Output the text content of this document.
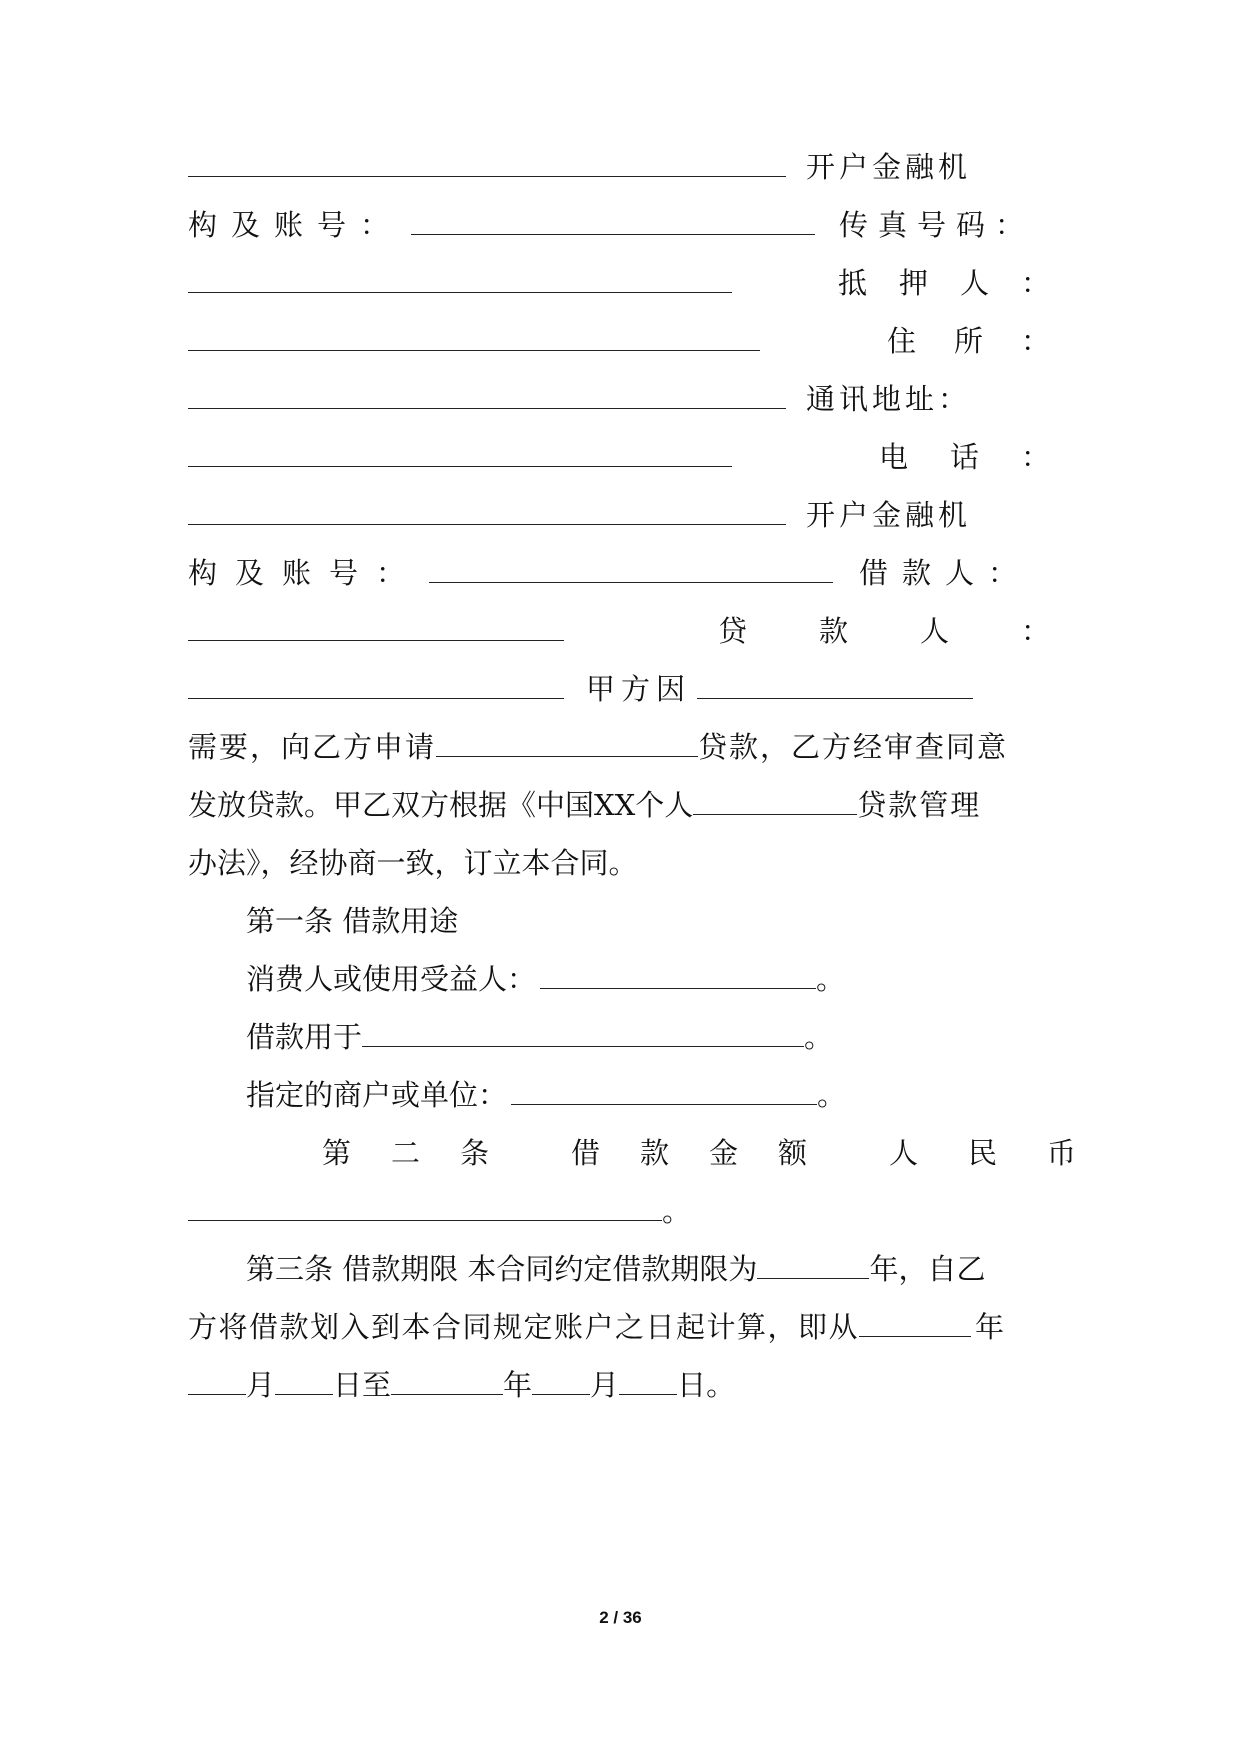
开户金融机
构及账号：	传真号码：
抵押人：
住所：
通讯地址：
电话：
开户金融机
构及账号：	借款人：
贷款人：
甲方因
需要，向乙方申请	贷款，乙方经审查同意
发放贷款。甲乙双方根据《中国XX个人	贷款管理
办法》，经协商一致，订立本合同。
第一条 借款用途
消费人或使用受益人：	。
借款用于	。
指定的商户或单位：	。
第二条 借款金额 人民币
。
第三条 借款期限 本合同约定借款期限为	年，自乙
方将借款划入到本合同规定账户之日起计算，即从	年
月 日至	年 月 日。
2 / 36
